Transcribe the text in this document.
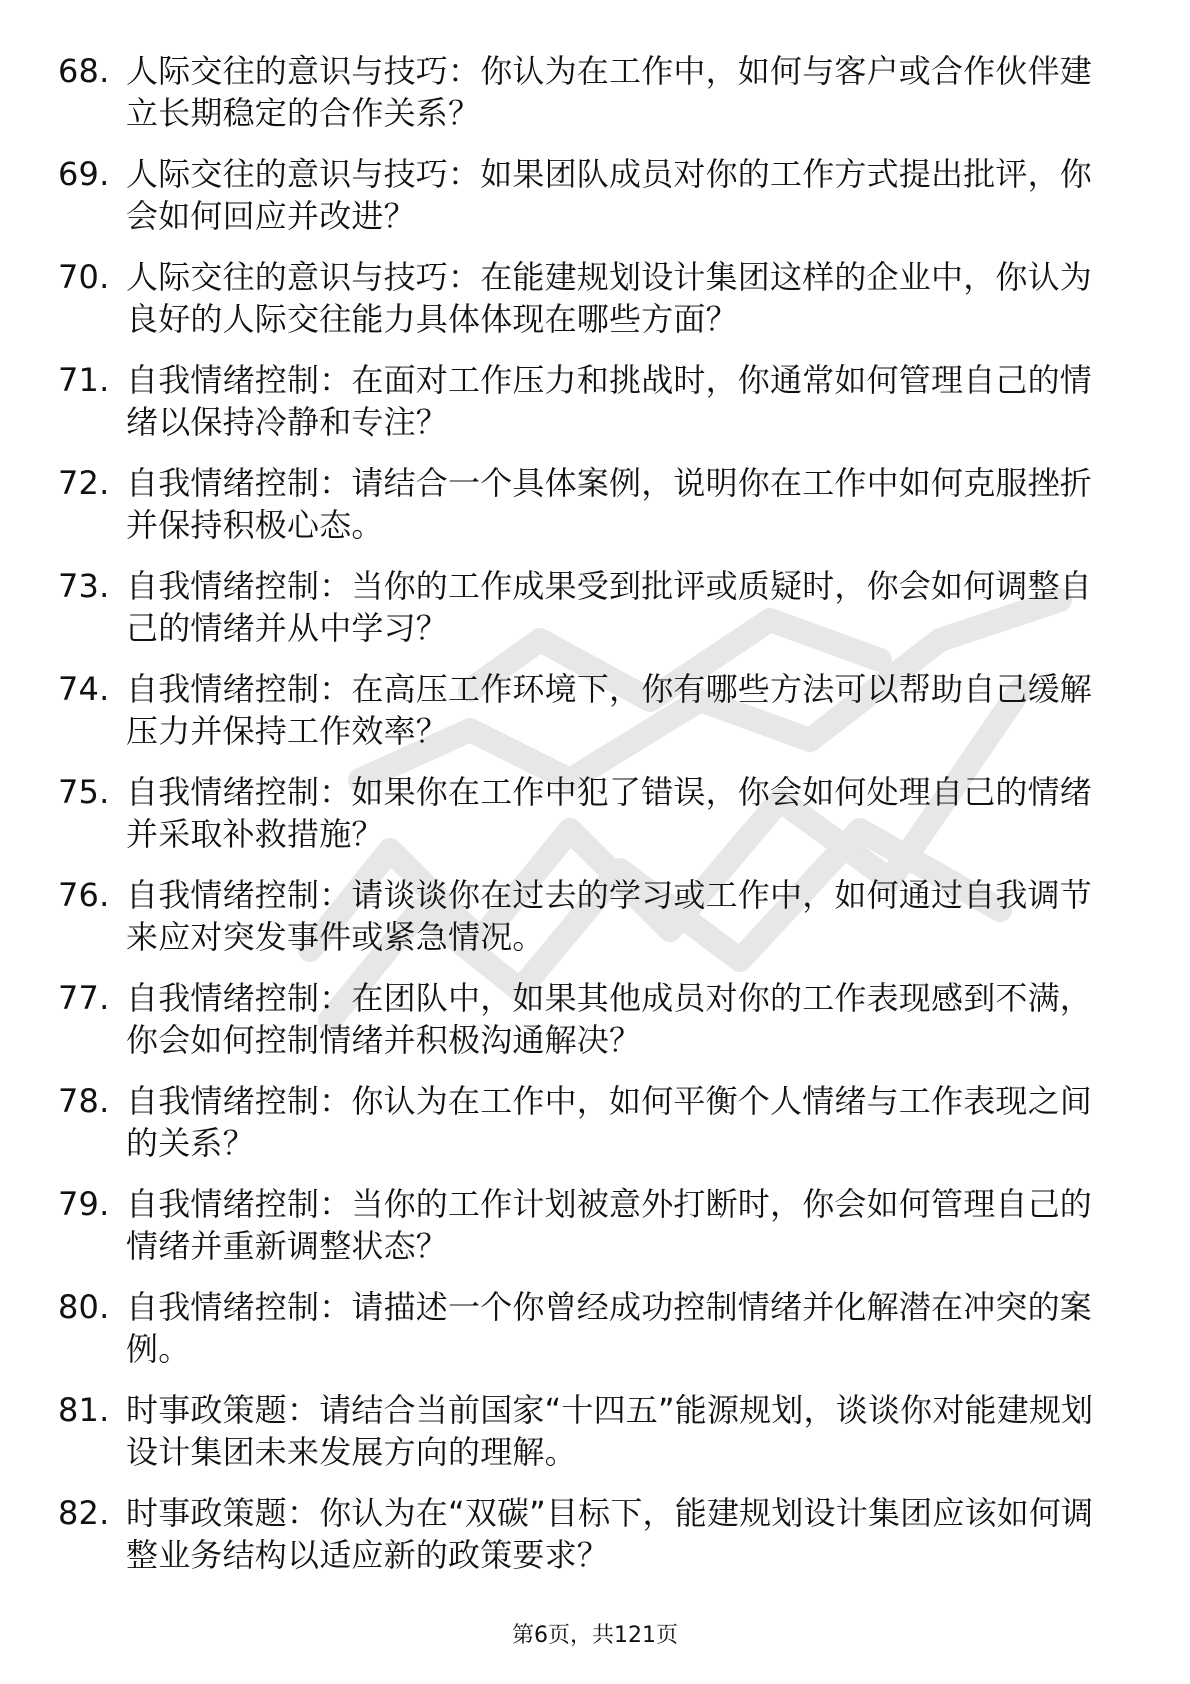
68. 人际交往的意识与技巧：你认为在工作中，如何与客户或合作伙伴建立长期稳定的合作关系？
69. 人际交往的意识与技巧：如果团队成员对你的工作方式提出批评，你会如何回应并改进？
70. 人际交往的意识与技巧：在能建规划设计集团这样的企业中，你认为良好的人际交往能力具体体现在哪些方面？
71. 自我情绪控制：在面对工作压力和挑战时，你通常如何管理自己的情绪以保持冷静和专注？
72. 自我情绪控制：请结合一个具体案例，说明你在工作中如何克服挫折并保持积极心态。
73. 自我情绪控制：当你的工作成果受到批评或质疑时，你会如何调整自己的情绪并从中学习？
74. 自我情绪控制：在高压工作环境下，你有哪些方法可以帮助自己缓解压力并保持工作效率？
75. 自我情绪控制：如果你在工作中犯了错误，你会如何处理自己的情绪并采取补救措施？
76. 自我情绪控制：请谈谈你在过去的学习或工作中，如何通过自我调节来应对突发事件或紧急情况。
77. 自我情绪控制：在团队中，如果其他成员对你的工作表现感到不满，你会如何控制情绪并积极沟通解决？
78. 自我情绪控制：你认为在工作中，如何平衡个人情绪与工作表现之间的关系？
79. 自我情绪控制：当你的工作计划被意外打断时，你会如何管理自己的情绪并重新调整状态？
80. 自我情绪控制：请描述一个你曾经成功控制情绪并化解潜在冲突的案例。
81. 时事政策题：请结合当前国家“十四五”能源规划，谈谈你对能建规划设计集团未来发展方向的理解。
82. 时事政策题：你认为在“双碳”目标下，能建规划设计集团应该如何调整业务结构以适应新的政策要求？
第6页，共121页
